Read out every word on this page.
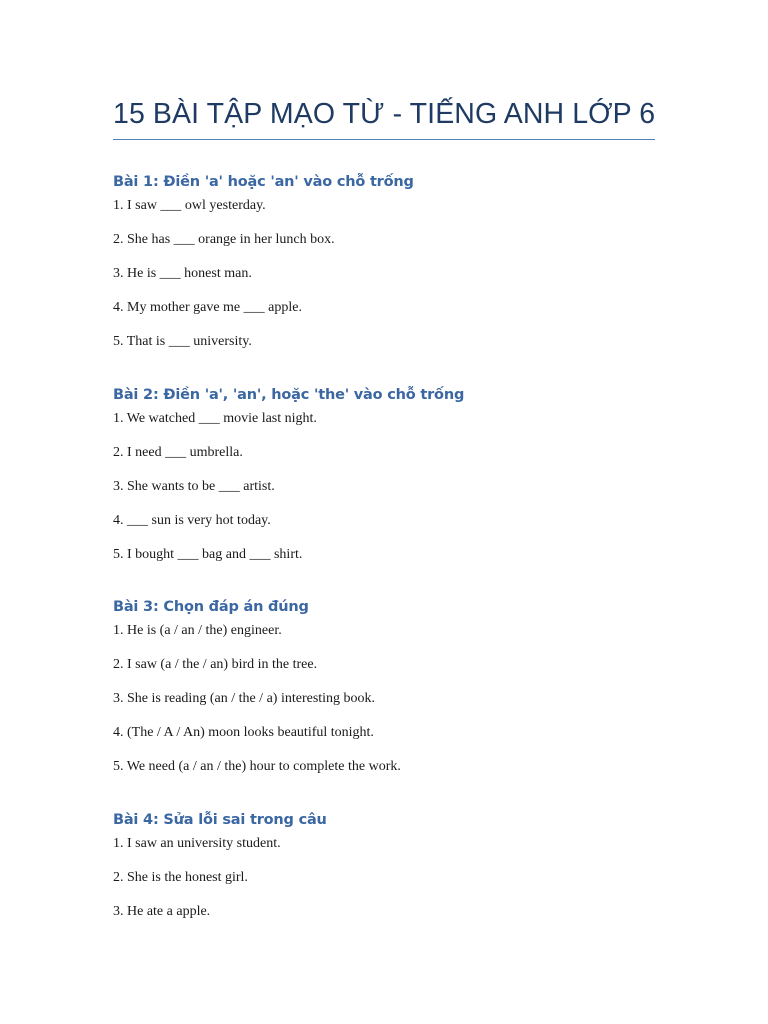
15 BÀI TẬP MẠO TỪ - TIẾNG ANH LỚP 6
Bài 1: Điền 'a' hoặc 'an' vào chỗ trống
1. I saw ___ owl yesterday.
2. She has ___ orange in her lunch box.
3. He is ___ honest man.
4. My mother gave me ___ apple.
5. That is ___ university.
Bài 2: Điền 'a', 'an', hoặc 'the' vào chỗ trống
1. We watched ___ movie last night.
2. I need ___ umbrella.
3. She wants to be ___ artist.
4. ___ sun is very hot today.
5. I bought ___ bag and ___ shirt.
Bài 3: Chọn đáp án đúng
1. He is (a / an / the) engineer.
2. I saw (a / the / an) bird in the tree.
3. She is reading (an / the / a) interesting book.
4. (The / A / An) moon looks beautiful tonight.
5. We need (a / an / the) hour to complete the work.
Bài 4: Sửa lỗi sai trong câu
1. I saw an university student.
2. She is the honest girl.
3. He ate a apple.
